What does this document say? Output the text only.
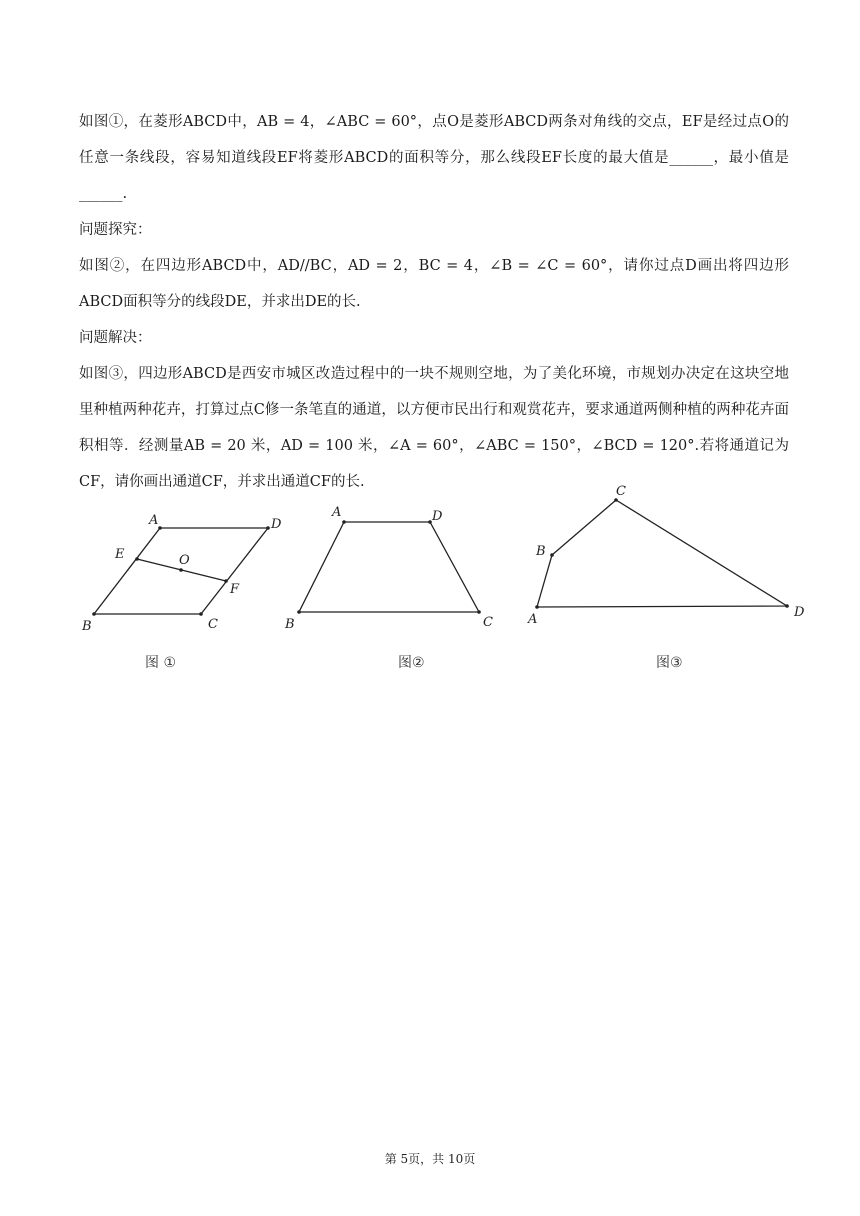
如图①，在菱形ABCD中，AB = 4，∠ABC = 60°，点O是菱形ABCD两条对角线的交点，EF是经过点O的任意一条线段，容易知道线段EF将菱形ABCD的面积等分，那么线段EF长度的最大值是______，最小值是______.

问题探究：

如图②，在四边形ABCD中，AD//BC，AD = 2，BC = 4，∠B = ∠C = 60°，请你过点D画出将四边形ABCD面积等分的线段DE，并求出DE的长.

问题解决：

如图③，四边形ABCD是西安市城区改造过程中的一块不规则空地，为了美化环境，市规划办决定在这块空地里种植两种花卉，打算过点C修一条笔直的通道，以方便市民出行和观赏花卉，要求通道两侧种植的两种花卉面积相等．经测量AB = 20 米，AD = 100 米，∠A = 60°，∠ABC = 150°，∠BCD = 120°.若将通道记为CF，请你画出通道CF，并求出通道CF的长.

A	D
E	O
F
B	C
图 ①
A	D
B	C
图②
C
B
A	D
图③
第 5页，共 10页
